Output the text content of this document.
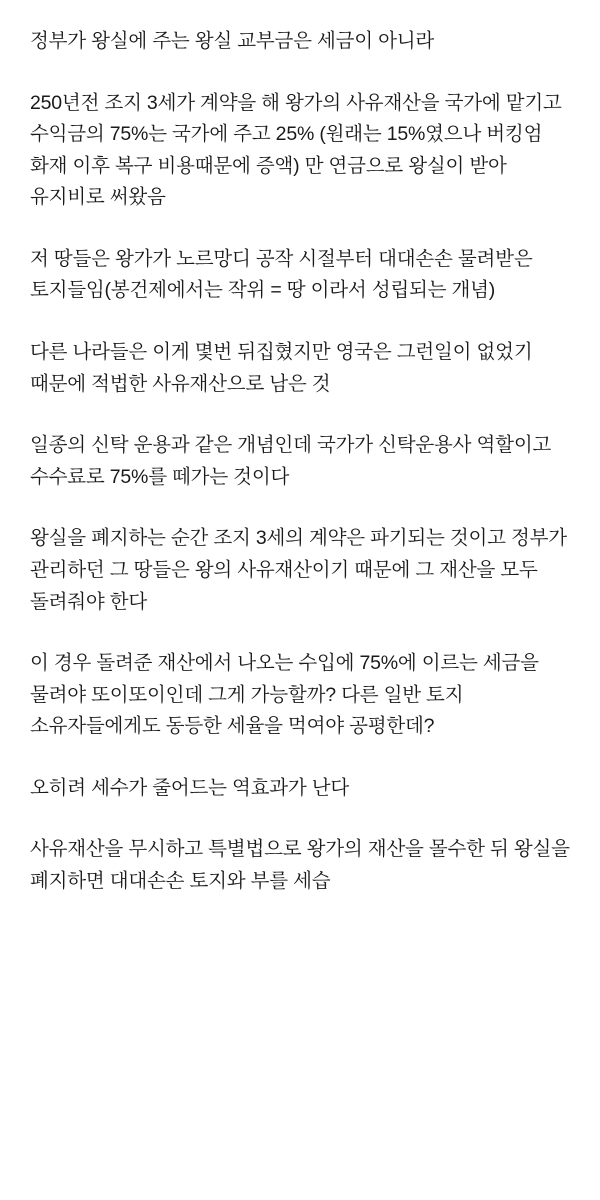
정부가 왕실에 주는 왕실 교부금은 세금이 아니라

250년전 조지 3세가 계약을 해 왕가의 사유재산을 국가에 맡기고 수익금의 75%는 국가에 주고 25% (원래는 15%였으나 버킹엄 화재 이후 복구 비용때문에 증액) 만 연금으로 왕실이 받아 유지비로 써왔음

저 땅들은 왕가가 노르망디 공작 시절부터 대대손손 물려받은 토지들임(봉건제에서는 작위 = 땅 이라서 성립되는 개념)

다른 나라들은 이게 몇번 뒤집혔지만 영국은 그런일이 없었기 때문에 적법한 사유재산으로 남은 것

일종의 신탁 운용과 같은 개념인데 국가가 신탁운용사 역할이고 수수료로 75%를 떼가는 것이다

왕실을 폐지하는 순간 조지 3세의 계약은 파기되는 것이고 정부가 관리하던 그 땅들은 왕의 사유재산이기 때문에 그 재산을 모두 돌려줘야 한다

이 경우 돌려준 재산에서 나오는 수입에 75%에 이르는 세금을 물려야 또이또이인데 그게 가능할까? 다른 일반 토지 소유자들에게도 동등한 세율을 먹여야 공평한데?

오히려 세수가 줄어드는 역효과가 난다

사유재산을 무시하고 특별법으로 왕가의 재산을 몰수한 뒤 왕실을 폐지하면 대대손손 토지와 부를 세습
